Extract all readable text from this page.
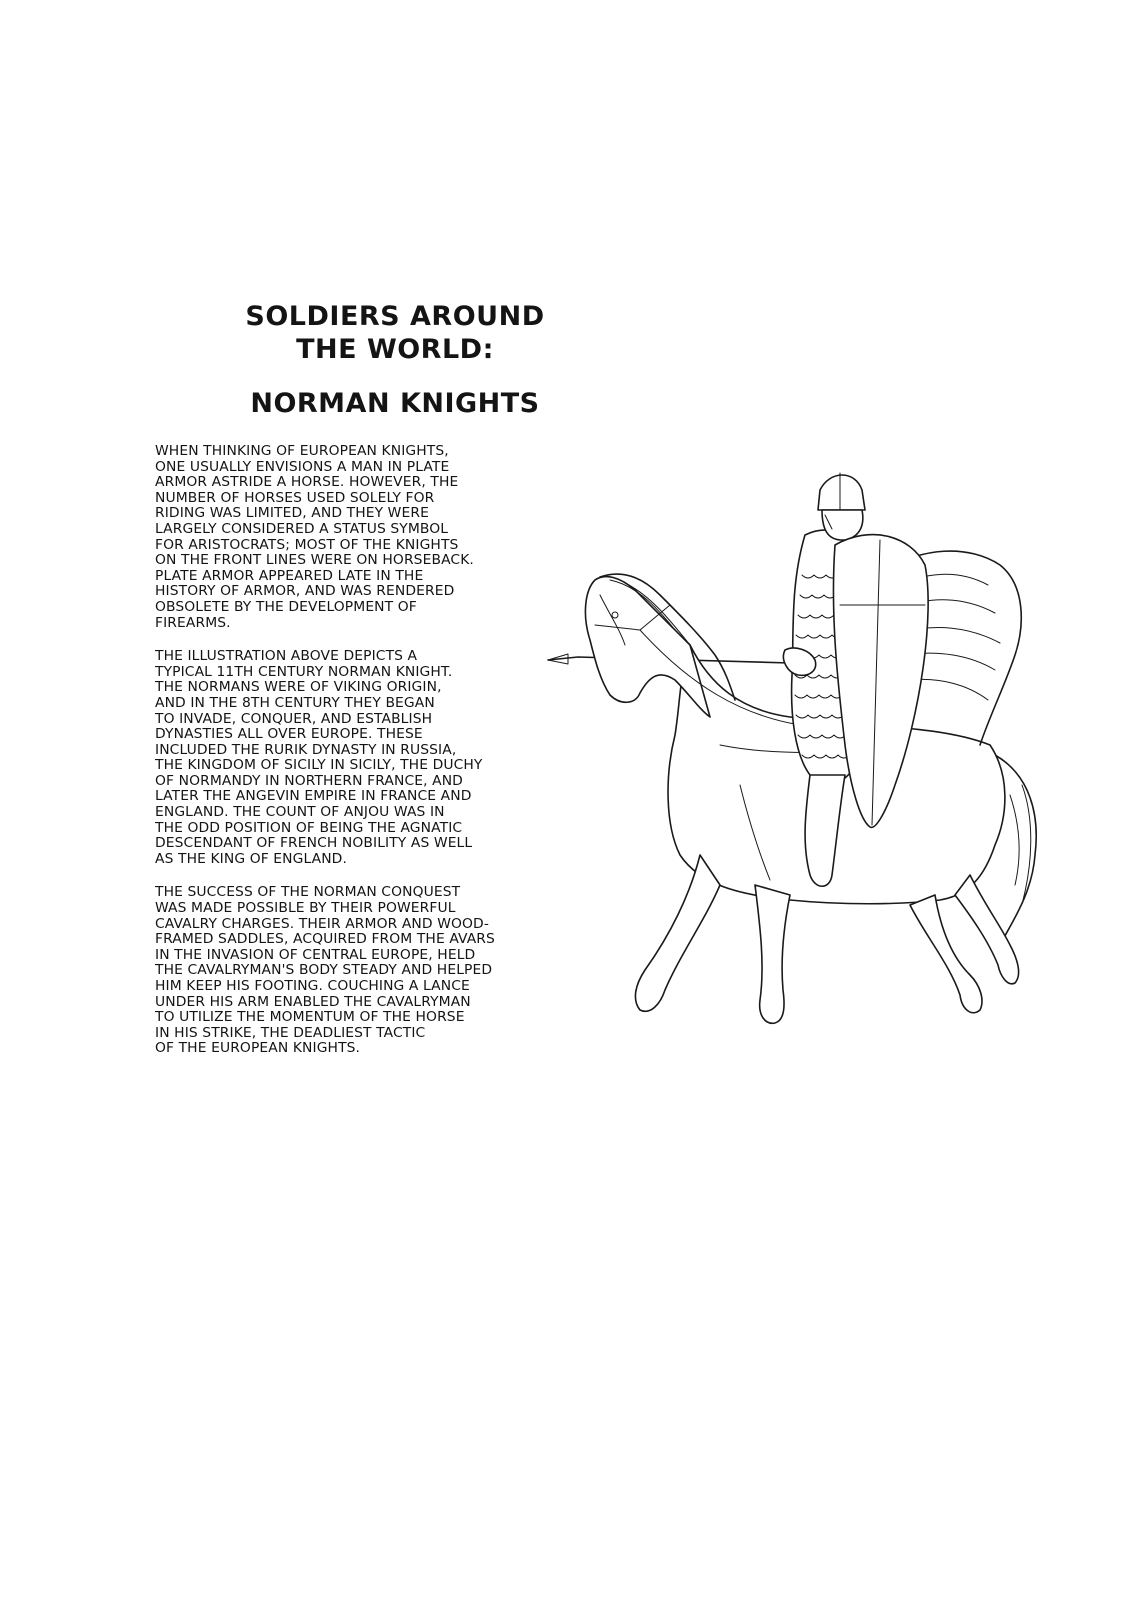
SOLDIERS AROUND
THE WORLD:
NORMAN KNIGHTS
WHEN THINKING OF EUROPEAN KNIGHTS,
ONE USUALLY ENVISIONS A MAN IN PLATE
ARMOR ASTRIDE A HORSE. HOWEVER, THE
NUMBER OF HORSES USED SOLELY FOR
RIDING WAS LIMITED, AND THEY WERE
LARGELY CONSIDERED A STATUS SYMBOL
FOR ARISTOCRATS; MOST OF THE KNIGHTS
ON THE FRONT LINES WERE ON HORSEBACK.
PLATE ARMOR APPEARED LATE IN THE
HISTORY OF ARMOR, AND WAS RENDERED
OBSOLETE BY THE DEVELOPMENT OF
FIREARMS.
THE ILLUSTRATION ABOVE DEPICTS A
TYPICAL 11TH CENTURY NORMAN KNIGHT.
THE NORMANS WERE OF VIKING ORIGIN,
AND IN THE 8TH CENTURY THEY BEGAN
TO INVADE, CONQUER, AND ESTABLISH
DYNASTIES ALL OVER EUROPE. THESE
INCLUDED THE RURIK DYNASTY IN RUSSIA,
THE KINGDOM OF SICILY IN SICILY, THE DUCHY
OF NORMANDY IN NORTHERN FRANCE, AND
LATER THE ANGEVIN EMPIRE IN FRANCE AND
ENGLAND. THE COUNT OF ANJOU WAS IN
THE ODD POSITION OF BEING THE AGNATIC
DESCENDANT OF FRENCH NOBILITY AS WELL
AS THE KING OF ENGLAND.
THE SUCCESS OF THE NORMAN CONQUEST
WAS MADE POSSIBLE BY THEIR POWERFUL
CAVALRY CHARGES. THEIR ARMOR AND WOOD-
FRAMED SADDLES, ACQUIRED FROM THE AVARS
IN THE INVASION OF CENTRAL EUROPE, HELD
THE CAVALRYMAN'S BODY STEADY AND HELPED
HIM KEEP HIS FOOTING. COUCHING A LANCE
UNDER HIS ARM ENABLED THE CAVALRYMAN
TO UTILIZE THE MOMENTUM OF THE HORSE
IN HIS STRIKE, THE DEADLIEST TACTIC
OF THE EUROPEAN KNIGHTS.
